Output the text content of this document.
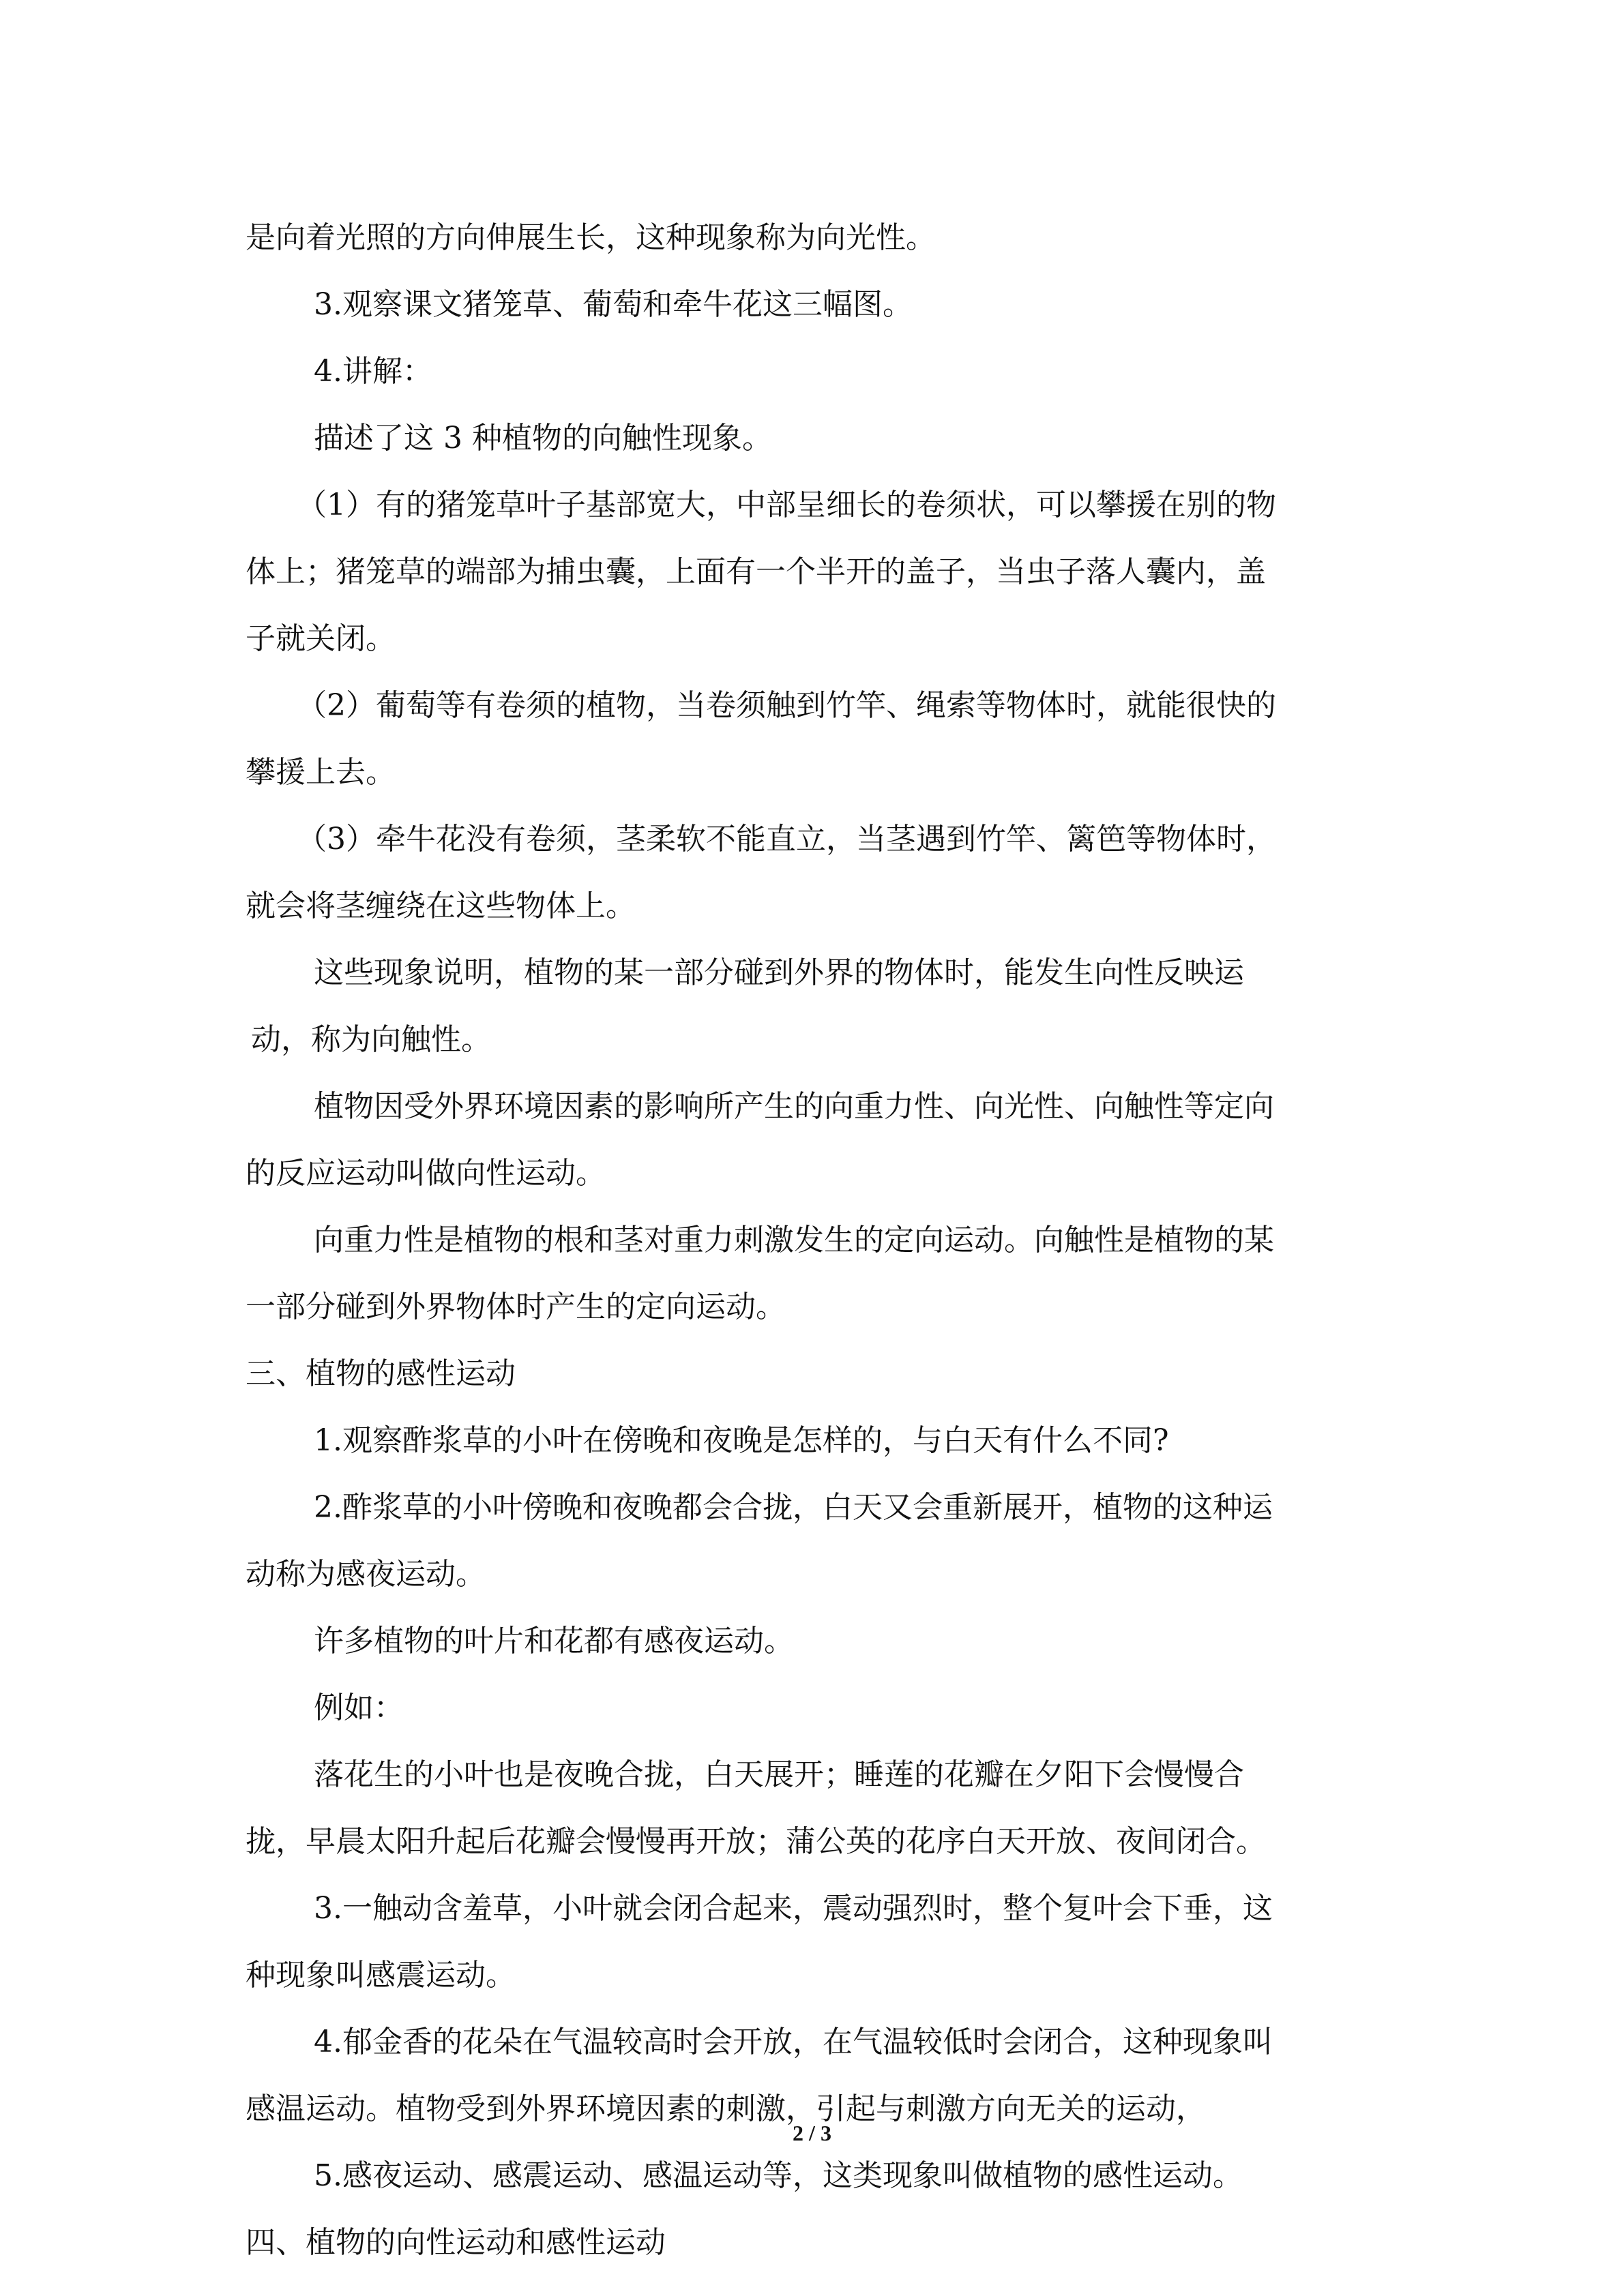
是向着光照的方向伸展生长，这种现象称为向光性。
3.观察课文猪笼草、葡萄和牵牛花这三幅图。
4.讲解：
描述了这 3 种植物的向触性现象。
（1）有的猪笼草叶子基部宽大，中部呈细长的卷须状，可以攀援在别的物
体上；猪笼草的端部为捕虫囊，上面有一个半开的盖子，当虫子落人囊内，盖
子就关闭。
（2）葡萄等有卷须的植物，当卷须触到竹竿、绳索等物体时，就能很快的
攀援上去。
（3）牵牛花没有卷须，茎柔软不能直立，当茎遇到竹竿、篱笆等物体时，
就会将茎缠绕在这些物体上。
这些现象说明，植物的某一部分碰到外界的物体时，能发生向性反映运
动，称为向触性。
植物因受外界环境因素的影响所产生的向重力性、向光性、向触性等定向
的反应运动叫做向性运动。
向重力性是植物的根和茎对重力刺激发生的定向运动。向触性是植物的某
一部分碰到外界物体时产生的定向运动。
三、植物的感性运动
1.观察酢浆草的小叶在傍晚和夜晚是怎样的，与白天有什么不同?
2.酢浆草的小叶傍晚和夜晚都会合拢，白天又会重新展开，植物的这种运
动称为感夜运动。
许多植物的叶片和花都有感夜运动。
例如：
落花生的小叶也是夜晚合拢，白天展开；睡莲的花瓣在夕阳下会慢慢合
拢，早晨太阳升起后花瓣会慢慢再开放；蒲公英的花序白天开放、夜间闭合。
3.一触动含羞草，小叶就会闭合起来，震动强烈时，整个复叶会下垂，这
种现象叫感震运动。
4.郁金香的花朵在气温较高时会开放，在气温较低时会闭合，这种现象叫
感温运动。植物受到外界环境因素的刺激，引起与刺激方向无关的运动，
5.感夜运动、感震运动、感温运动等，这类现象叫做植物的感性运动。
四、植物的向性运动和感性运动
2 / 3
